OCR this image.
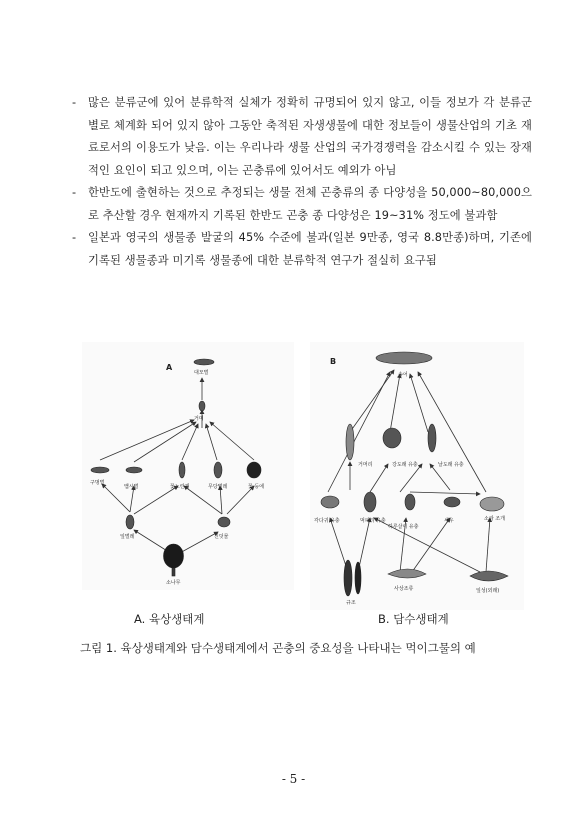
- 많은 분류군에 있어 분류학적 실체가 정확히 규명되어 있지 않고, 이들 정보가 각 분류군 별로 체계화 되어 있지 않아 그동안 축적된 자생생물에 대한 정보들이 생물산업의 기초 재료로서의 이용도가 낮음. 이는 우리나라 생물 산업의 국가경쟁력을 감소시킬 수 있는 장재적인 요인이 되고 있으며, 이는 곤충류에 있어서도 예외가 아님
- 한반도에 출현하는 것으로 추정되는 생물 전체 곤충류의 종 다양성을 50,000~80,000으로 추산할 경우 현재까지 기록된 한반도 곤충 종 다양성은 19~31% 정도에 불과함
- 일본과 영국의 생물종 발굴의 45% 수준에 불과(일본 9만종, 영국 8.8만종)하며, 기존에 기록된 생물종과 미기록 생물종에 대한 분류학적 연구가 절실히 요구됨
A
대모벌
거미
구멍벌
맵시벌	꽃노린재	무당벌레	꽃 등에
잎벌레	진딧물
소나무
B
송어
거머리	강도래 유충	날도래 유충
각다귀 유충
하루살이 유충
먹파리 유충	새우	소라 조개
규조
사상조류	잎성(외래)
A. 육상생태계	B. 담수생태계
그림 1. 육상생태계와 담수생태계에서 곤충의 중요성을 나타내는 먹이그물의 예
- 5 -
